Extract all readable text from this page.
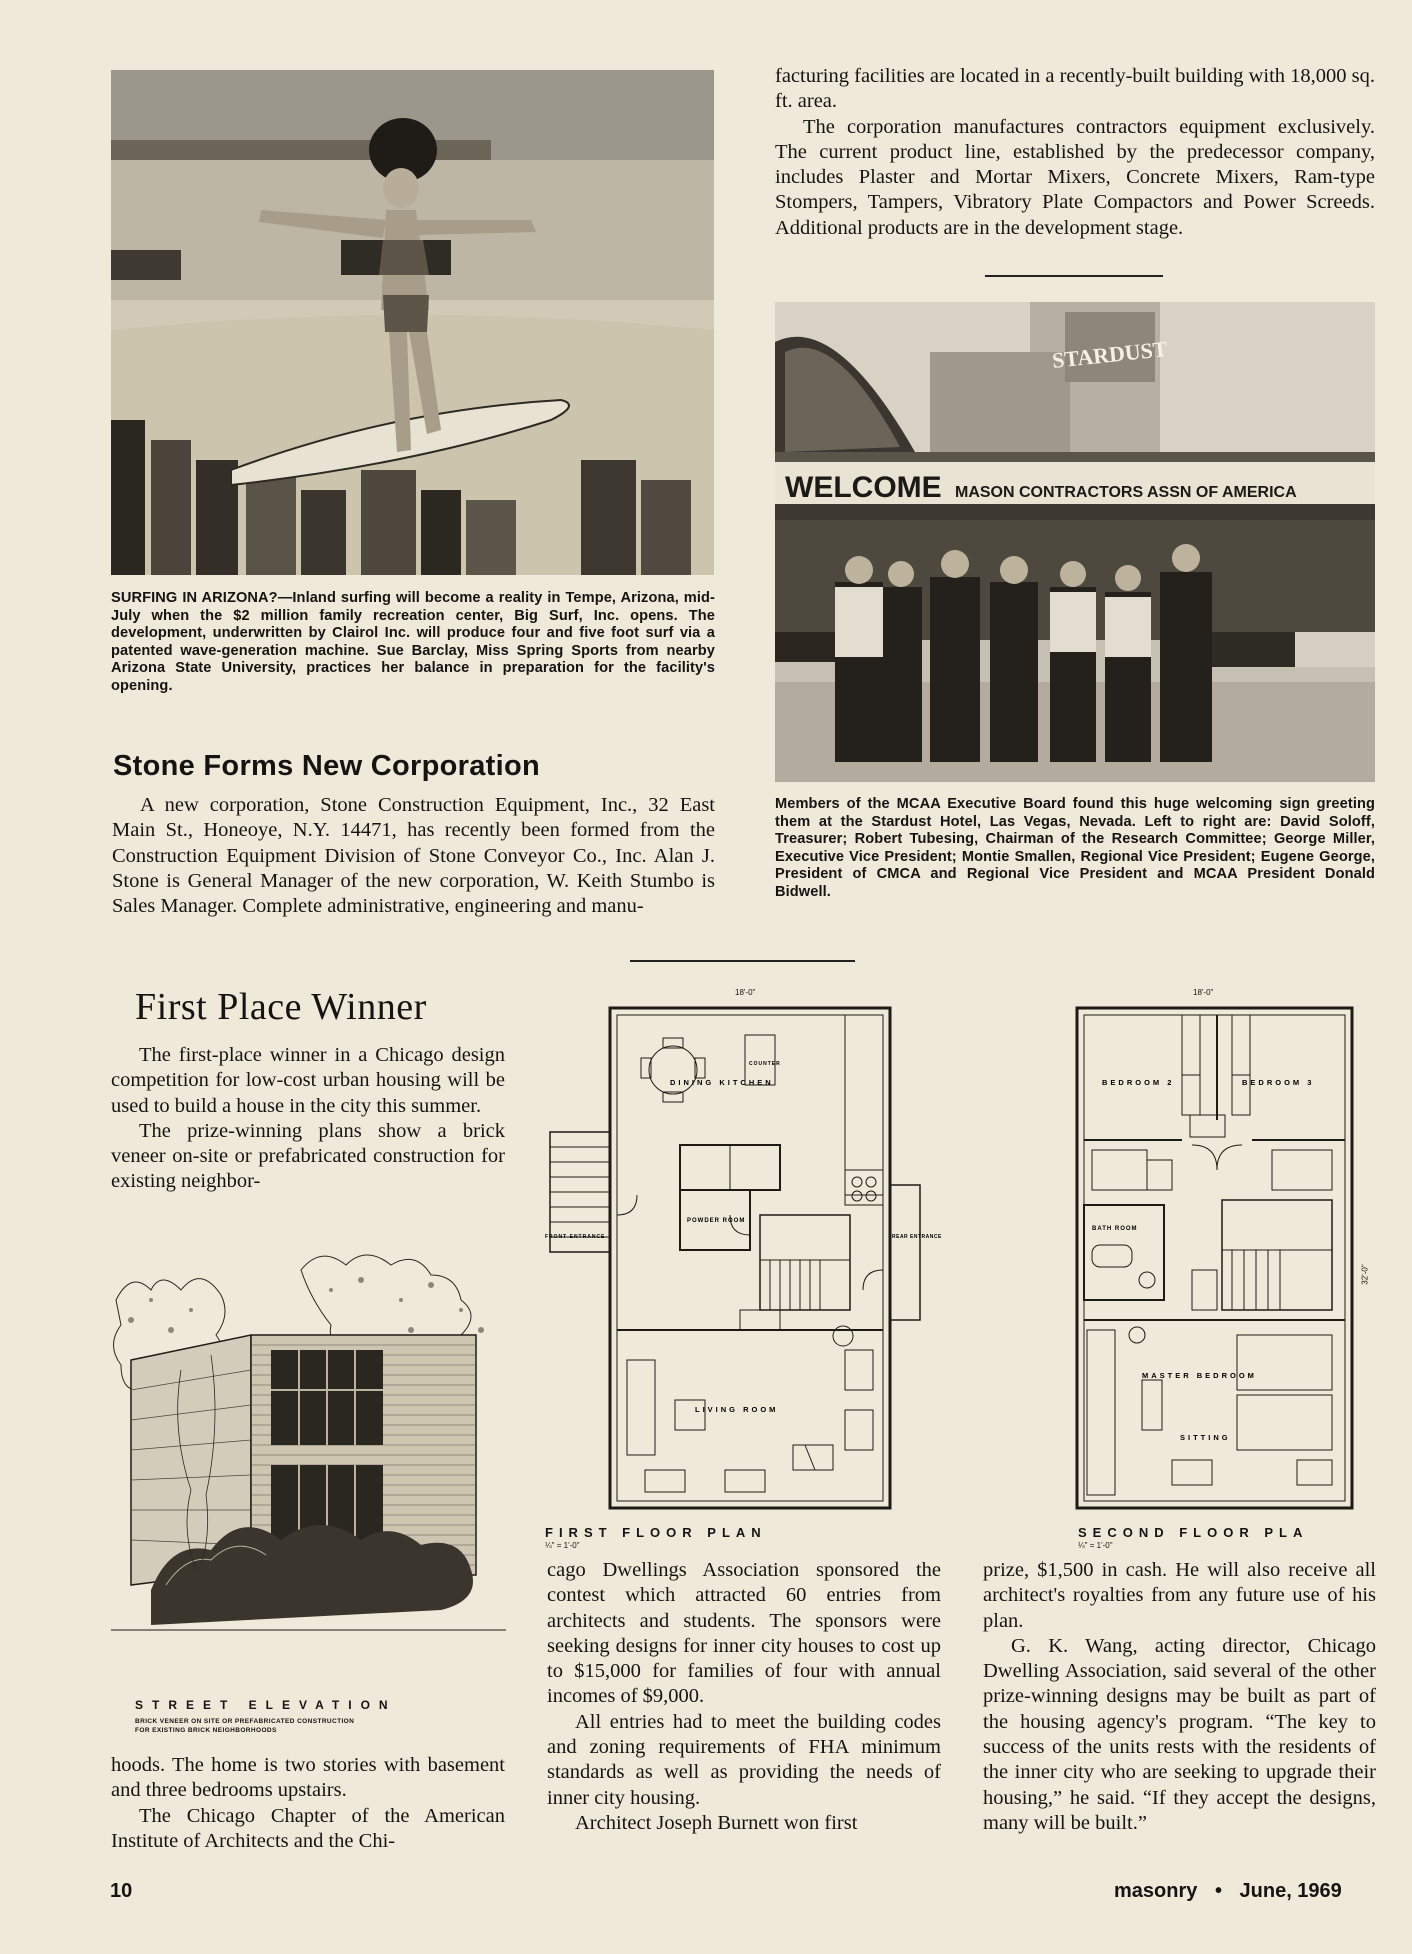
SURFING IN ARIZONA?—Inland surfing will become a reality in Tempe, Arizona, mid-July when the $2 million family recreation center, Big Surf, Inc. opens. The development, underwritten by Clairol Inc. will produce four and five foot surf via a patented wave-generation machine. Sue Barclay, Miss Spring Sports from nearby Arizona State University, practices her balance in preparation for the facility's opening.
Stone Forms New Corporation

A new corporation, Stone Construction Equipment, Inc., 32 East Main St., Honeoye, N.Y. 14471, has recently been formed from the Construction Equipment Division of Stone Conveyor Co., Inc. Alan J. Stone is General Manager of the new corporation, W. Keith Stumbo is Sales Manager. Complete administrative, engineering and manu-

facturing facilities are located in a recently-built building with 18,000 sq. ft. area.

The corporation manufactures contractors equipment exclusively. The current product line, established by the predecessor company, includes Plaster and Mortar Mixers, Concrete Mixers, Ram-type Stompers, Tampers, Vibratory Plate Compactors and Power Screeds. Additional products are in the development stage.

STARDUST
WELCOME MASON CONTRACTORS ASSN OF AMERICA
Members of the MCAA Executive Board found this huge welcoming sign greeting them at the Stardust Hotel, Las Vegas, Nevada. Left to right are: David Soloff, Treasurer; Robert Tubesing, Chairman of the Research Committee; George Miller, Executive Vice President; Montie Smallen, Regional Vice President; Eugene George, President of CMCA and Regional Vice President and MCAA President Donald Bidwell.
First Place Winner

The first-place winner in a Chicago design competition for low-cost urban housing will be used to build a house in the city this summer.

The prize-winning plans show a brick veneer on-site or prefabricated construction for existing neighbor-

STREET ELEVATION
BRICK VENEER ON SITE OR PREFABRICATED CONSTRUCTION
FOR EXISTING BRICK NEIGHBORHOODS

hoods. The home is two stories with basement and three bedrooms upstairs.

The Chicago Chapter of the American Institute of Architects and the Chi-

18'-0"
DINING KITCHEN
COUNTER
POWDER ROOM
LIVING ROOM
FRONT ENTRANCE	REAR ENTRANCE
FIRST FLOOR PLAN
¼" = 1'-0"
18'-0"
32'-0"
BEDROOM 2	BEDROOM 3
BATH ROOM
MASTER BEDROOM
SITTING
SECOND FLOOR PLA
¼" = 1'-0"

cago Dwellings Association sponsored the contest which attracted 60 entries from architects and students. The sponsors were seeking designs for inner city houses to cost up to $15,000 for families of four with annual incomes of $9,000.

All entries had to meet the building codes and zoning requirements of FHA minimum standards as well as providing the needs of inner city housing.

Architect Joseph Burnett won first

prize, $1,500 in cash. He will also receive all architect's royalties from any future use of his plan.

G. K. Wang, acting director, Chicago Dwelling Association, said several of the other prize-winning designs may be built as part of the housing agency's program. “The key to success of the units rests with the residents of the inner city who are seeking to upgrade their housing,” he said. “If they accept the designs, many will be built.”

10	masonry • June, 1969
